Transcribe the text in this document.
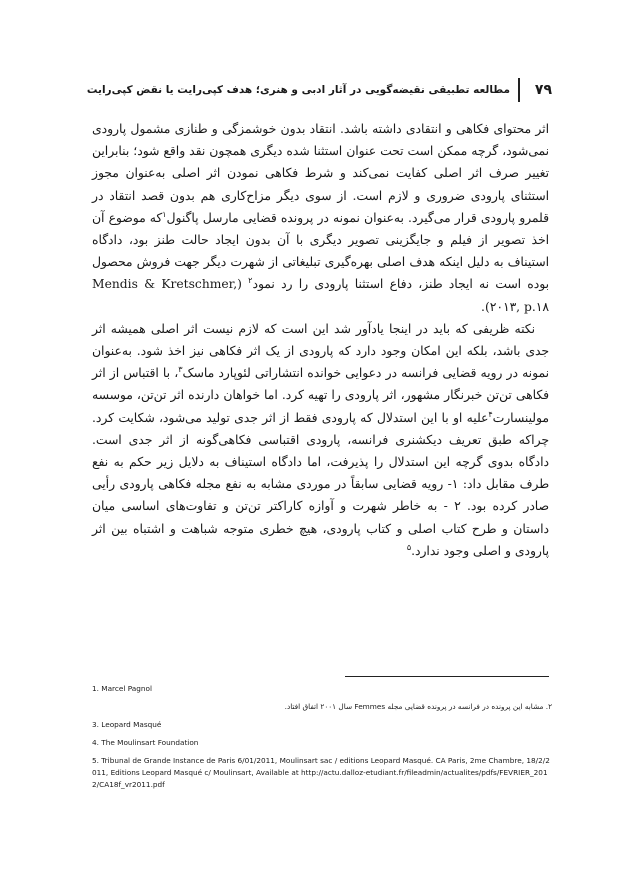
۷۹
مطالعه تطبیقی نقیضه‌گویی در آثار ادبی و هنری؛ هدف کپی‌رایت یا نقض کپی‌رایت

اثر محتوای فکاهی و انتقادی داشته باشد. انتقاد بدون خوشمزگی و طنازی مشمول پارودی نمی‌شود، گرچه ممکن است تحت عنوان استثنا شده دیگری همچون نقد واقع شود؛ بنابراین تغییر صرف اثر اصلی کفایت نمی‌کند و شرط فکاهی نمودن اثر اصلی به‌عنوان مجوز استثنای پارودی ضروری و لازم است. از سوی دیگر مزاح‌کاری هم بدون قصد انتقاد در قلمرو پارودی قرار می‌گیرد. به‌عنوان نمونه در پرونده قضایی مارسل پاگنول$^۱$که موضوع آن اخذ تصویر از فیلم و جایگزینی تصویر دیگری با آن بدون ایجاد حالت طنز بود، دادگاه استیناف به دلیل اینکه هدف اصلی بهره‌گیری تبلیغاتی از شهرت دیگر جهت فروش محصول بوده است نه ایجاد طنز، دفاع استثنا پارودی را رد نمود$^۲$ (Mendis & Kretschmer, ۲۰۱۳, p.۱۸).

نکته ظریفی که باید در اینجا یادآور شد این است که لازم نیست اثر اصلی همیشه اثر جدی باشد، بلکه این امکان وجود دارد که پارودی از یک اثر فکاهی نیز اخذ شود. به‌عنوان نمونه در رویه قضایی فرانسه در دعوایی خوانده انتشاراتی لئوپارد ماسک$^۳$، با اقتباس از اثر فکاهی تن‌تن خبرنگار مشهور، اثر پارودی را تهیه کرد. اما خواهان دارنده اثر تن‌تن، موسسه مولینسارت$^۴$علیه او با این استدلال که پارودی فقط از اثر جدی تولید می‌شود، شکایت کرد. چراکه طبق تعریف دیکشنری فرانسه، پارودی اقتباسی فکاهی‌گونه از اثر جدی است. دادگاه بدوی گرچه این استدلال را پذیرفت، اما دادگاه استیناف به دلایل زیر حکم به نفع طرف مقابل داد: ۱- رویه قضایی سابقاً در موردی مشابه به نفع مجله فکاهی پارودی رأیی صادر کرده بود. ۲ - به خاطر شهرت و آوازه کاراکتر تن‌تن و تفاوت‌های اساسی میان داستان و طرح کتاب اصلی و کتاب پارودی، هیچ خطری متوجه شباهت و اشتباه بین اثر پارودی و اصلی وجود ندارد.$^۵$

1. Marcel Pagnol
۲. مشابه این پرونده در فرانسه در پرونده قضایی مجله Femmes سال ۲۰۰۱ اتفاق افتاد.
3. Leopard Masqué
4. The Moulinsart Foundation
5. Tribunal de Grande Instance de Paris 6/01/2011, Moulinsart sac / editions Leopard Masqué. CA Paris, 2me Chambre, 18/2/2011, Editions Leopard Masqué c/ Moulinsart, Available at http://actu.dalloz-etudiant.fr/fileadmin/actualites/pdfs/FEVRIER_2012/CA18f_vr2011.pdf
